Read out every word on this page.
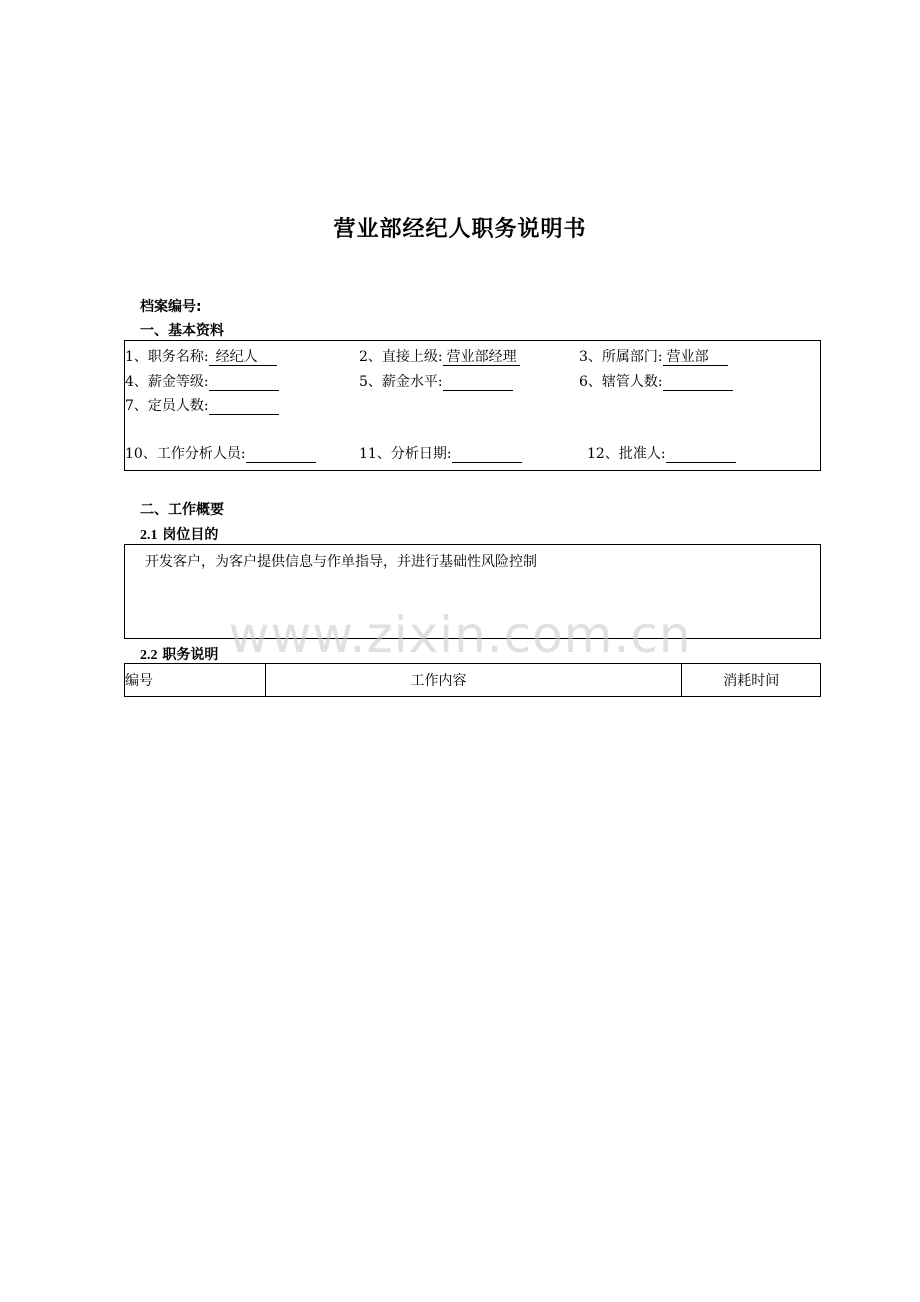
营业部经纪人职务说明书
档案编号:
一、基本资料
1、职务名称: 经纪人	2、直接上级: 营业部经理	3、所属部门: 营业部
4、薪金等级:	5、薪金水平:	6、辖管人数:
7、定员人数:
10、工作分析人员:	11、分析日期:	12、批准人:
二、工作概要
2.1 岗位目的
开发客户，为客户提供信息与作单指导，并进行基础性风险控制
www.zixin.com.cn
2.2 职务说明
编号	工作内容	消耗时间
